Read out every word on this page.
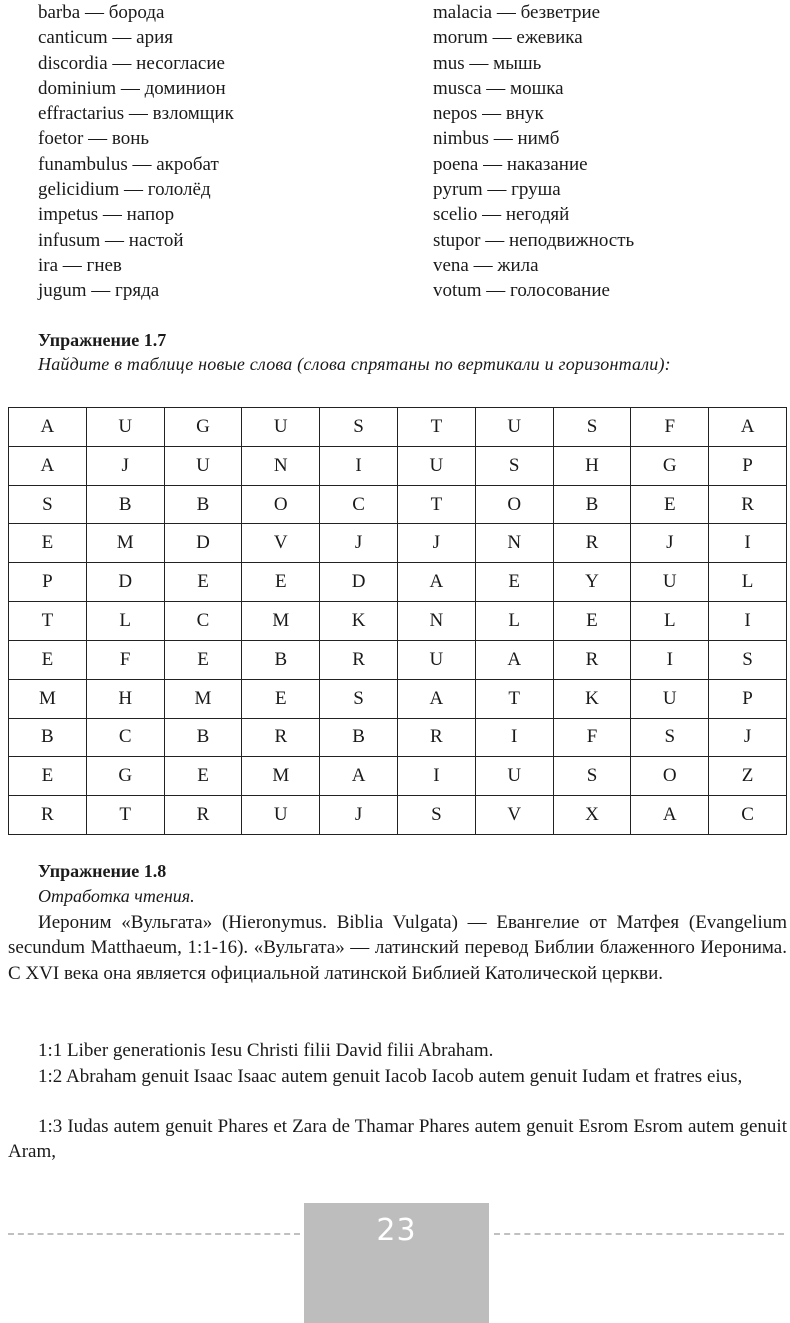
barba — борода
canticum — ария
discordia — несогласие
dominium — доминион
effractarius — взломщик
foetor — вонь
funambulus — акробат
gelicidium — гололёд
impetus — напор
infusum — настой
ira — гнев
jugum — гряда
malacia — безветрие
morum — ежевика
mus — мышь
musca — мошка
nepos — внук
nimbus — нимб
poena — наказание
pyrum — груша
scelio — негодяй
stupor — неподвижность
vena — жила
votum — голосование
Упражнение 1.7
Найдите в таблице новые слова (слова спрятаны по вертикали и горизонтали):
A	U	G	U	S	T	U	S	F	A
A	J	U	N	I	U	S	H	G	P
S	B	B	O	C	T	O	B	E	R
E	M	D	V	J	J	N	R	J	I
P	D	E	E	D	A	E	Y	U	L
T	L	C	M	K	N	L	E	L	I
E	F	E	B	R	U	A	R	I	S
M	H	M	E	S	A	T	K	U	P
B	C	B	R	B	R	I	F	S	J
E	G	E	M	A	I	U	S	O	Z
R	T	R	U	J	S	V	X	A	C
Упражнение 1.8
Отработка чтения.

Иероним «Вульгата» (Hieronymus. Biblia Vulgata) — Евангелие от Матфея (Evangelium secundum Matthaeum, 1:1-16). «Вульгата» — латинский перевод Библии блаженного Иеронима. С XVI века она является официальной латинской Библией Католической церкви.

1:1 Liber generationis Iesu Christi filii David filii Abraham.

1:2 Abraham genuit Isaac Isaac autem genuit Iacob Iacob autem genuit Iudam et fratres eius,

1:3 Iudas autem genuit Phares et Zara de Thamar Phares autem genuit Esrom Esrom autem genuit Aram,

23
